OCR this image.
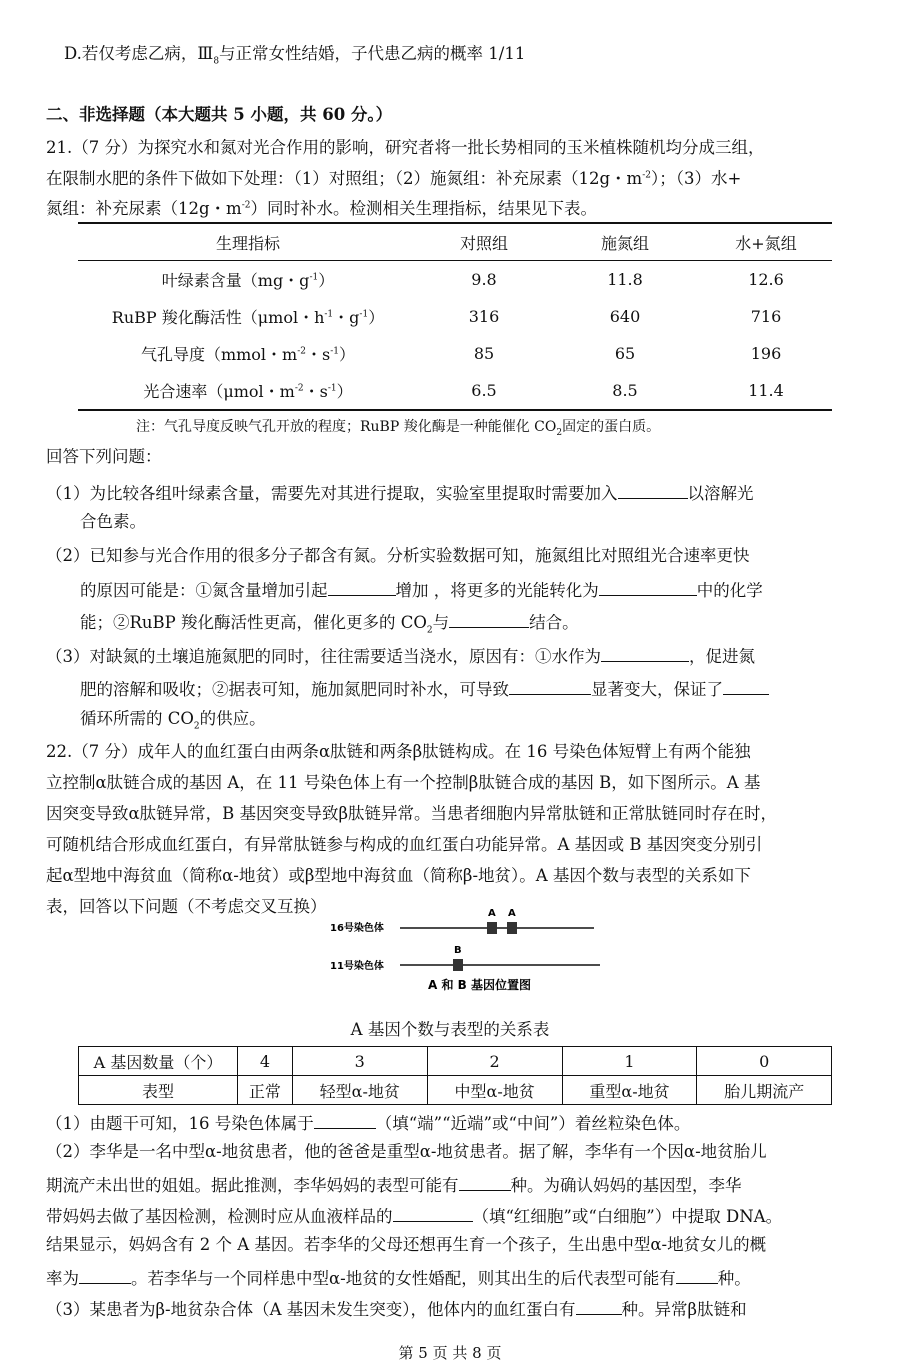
D.若仅考虑乙病，$Ⅲ_8$与正常女性结婚，子代患乙病的概率 1/11
二、非选择题（本大题共 5 小题，共 60 分。）
21.（7 分）为探究水和氮对光合作用的影响，研究者将一批长势相同的玉米植株随机均分成三组，
在限制水肥的条件下做如下处理：（1）对照组；（2）施氮组：补充尿素（12g・$m^{-2}$）；（3）水+
氮组：补充尿素（12g・$m^{-2}$）同时补水。检测相关生理指标，结果见下表。
生理指标	对照组	施氮组	水+氮组
叶绿素含量（mg・$g^{-1}$）	9.8	11.8	12.6
RuBP 羧化酶活性（μmol・$h^{-1}$・$g^{-1}$）	316	640	716
气孔导度（mmol・$m^{-2}$・$s^{-1}$）	85	65	196
光合速率（μmol・$m^{-2}$・$s^{-1}$）	6.5	8.5	11.4
注：气孔导度反映气孔开放的程度；RuBP 羧化酶是一种能催化 $CO_2$固定的蛋白质。
回答下列问题：
（1）为比较各组叶绿素含量，需要先对其进行提取，实验室里提取时需要加入	以溶解光
合色素。
（2）已知参与光合作用的很多分子都含有氮。分析实验数据可知，施氮组比对照组光合速率更快
的原因可能是：①氮含量增加引起	增加 ，将更多的光能转化为	中的化学
能；②RuBP 羧化酶活性更高，催化更多的 $CO_2$与	结合。
（3）对缺氮的土壤追施氮肥的同时，往往需要适当浇水，原因有：①水作为	，促进氮
肥的溶解和吸收；②据表可知，施加氮肥同时补水，可导致	显著变大，保证了
循环所需的 $CO_2$的供应。
22.（7 分）成年人的血红蛋白由两条α肽链和两条β肽链构成。在 16 号染色体短臂上有两个能独
立控制α肽链合成的基因 A，在 11 号染色体上有一个控制β肽链合成的基因 B，如下图所示。A 基
因突变导致α肽链异常，B 基因突变导致β肽链异常。当患者细胞内异常肽链和正常肽链同时存在时，
可随机结合形成血红蛋白，有异常肽链参与构成的血红蛋白功能异常。A 基因或 B 基因突变分别引
起α型地中海贫血（简称α-地贫）或β型地中海贫血（简称β-地贫）。A 基因个数与表型的关系如下
表，回答以下问题（不考虑交叉互换）
16号染色体
A A
11号染色体
B
A 和 B 基因位置图
A 基因个数与表型的关系表
A 基因数量（个）	4	3	2	1	0
表型	正常	轻型α-地贫	中型α-地贫	重型α-地贫	胎儿期流产
（1）由题干可知，16 号染色体属于	（填“端”“近端”或“中间”）着丝粒染色体。
（2）李华是一名中型α-地贫患者，他的爸爸是重型α-地贫患者。据了解，李华有一个因α-地贫胎儿
期流产未出世的姐姐。据此推测，李华妈妈的表型可能有	种。为确认妈妈的基因型，李华
带妈妈去做了基因检测，检测时应从血液样品的	（填“红细胞”或“白细胞”）中提取 DNA。
结果显示，妈妈含有 2 个 A 基因。若李华的父母还想再生育一个孩子，生出患中型α-地贫女儿的概
率为	。若李华与一个同样患中型α-地贫的女性婚配，则其出生的后代表型可能有	种。
（3）某患者为β-地贫杂合体（A 基因未发生突变），他体内的血红蛋白有	种。异常β肽链和
第 5 页 共 8 页
